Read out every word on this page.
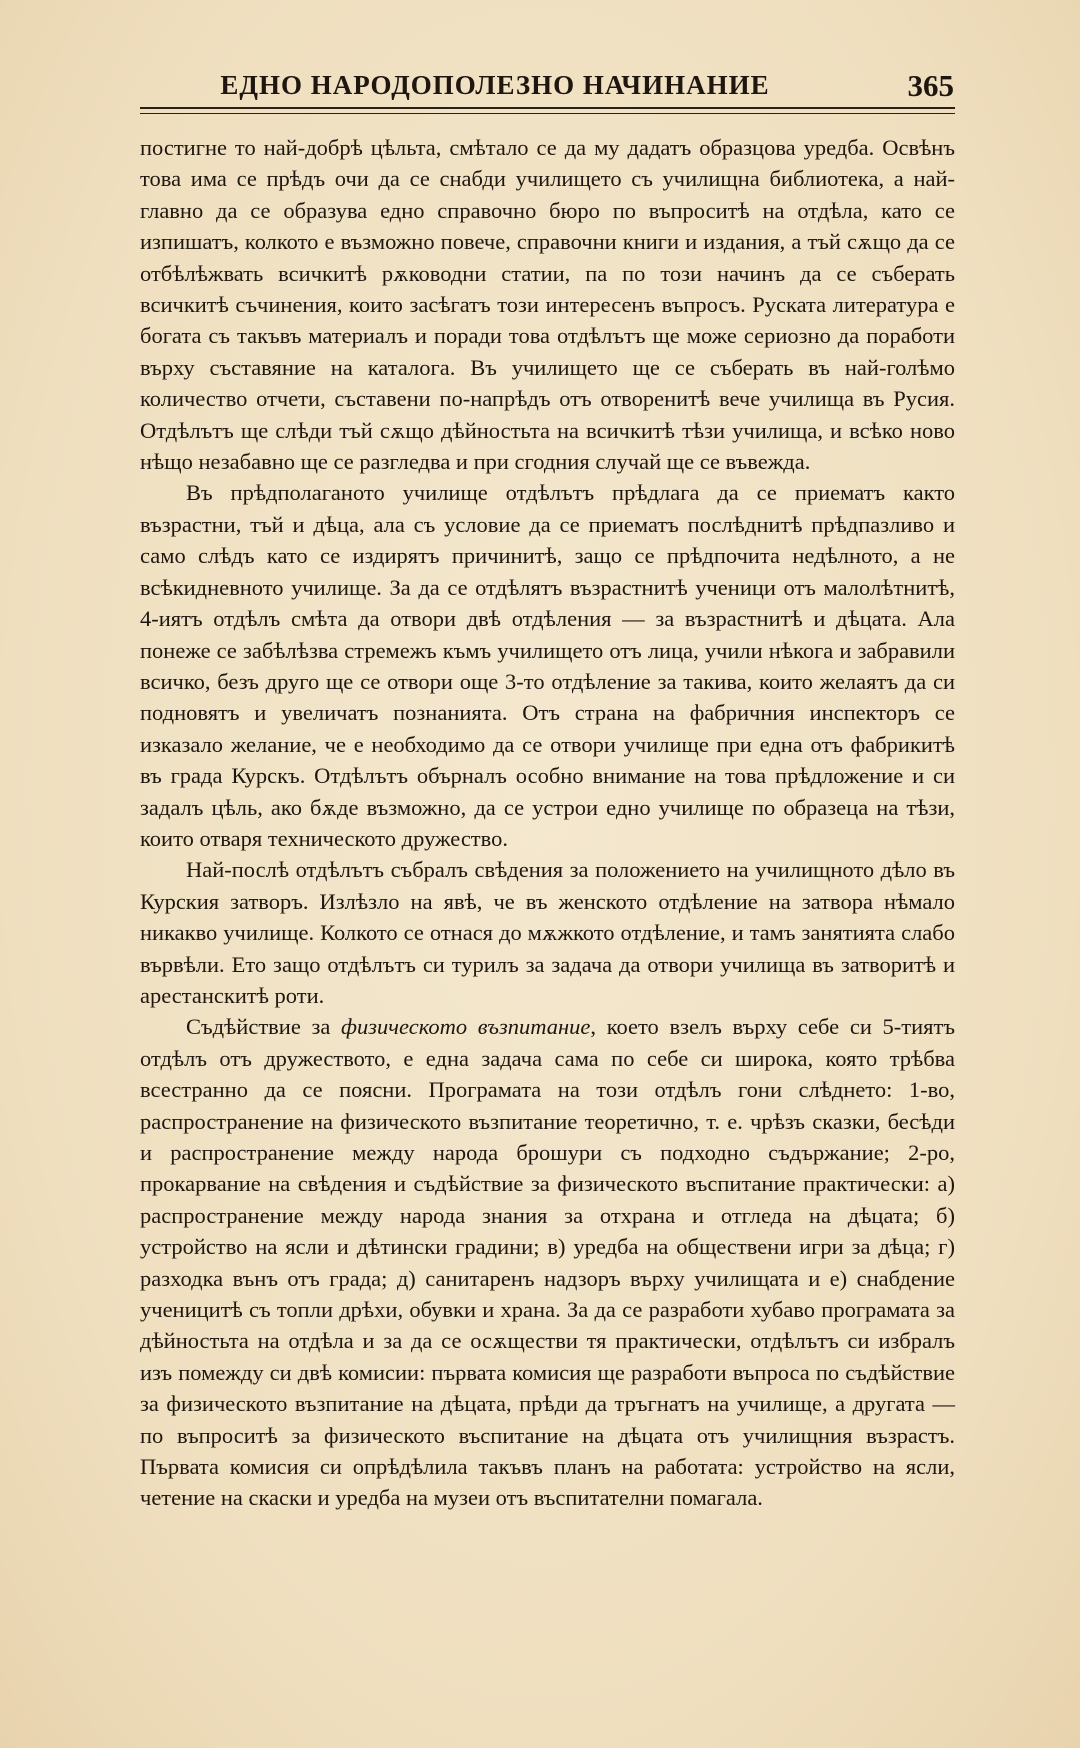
ЕДНО НАРОДОПОЛЕЗНО НАЧИНАНИЕ	365

постигне то най-добрѣ цѣльта, смѣтало се да му дадатъ образцова уредба. Освѣнъ това има се прѣдъ очи да се снабди училището съ училищна библиотека, а най-главно да се образува едно справочно бюро по въпроситѣ на отдѣла, като се изпишатъ, колкото е възможно повече, справочни книги и издания, а тъй сѫщо да се отбѣлѣжвать всичкитѣ рѫководни статии, па по този начинъ да се съберать всичкитѣ съчинения, които засѣгатъ този интересенъ въпросъ. Руската литература е богата съ такъвъ материалъ и поради това отдѣлътъ ще може сериозно да поработи върху съставяние на каталога. Въ училището ще се съберать въ най-голѣмо количество отчети, съставени по-напрѣдъ отъ отворенитѣ вече училища въ Русия. Отдѣлътъ ще слѣди тъй сѫщо дѣйностьта на всичкитѣ тѣзи училища, и всѣко ново нѣщо незабавно ще се разгледва и при сгодния случай ще се въвежда.

Въ прѣдполаганото училище отдѣлътъ прѣдлага да се приематъ както възрастни, тъй и дѣца, ала съ условие да се приематъ послѣднитѣ прѣдпазливо и само слѣдъ като се издирятъ причинитѣ, защо се прѣдпочита недѣлното, а не всѣкидневното училище. За да се отдѣлятъ възрастнитѣ ученици отъ малолѣтнитѣ, 4-иятъ отдѣлъ смѣта да отвори двѣ отдѣления — за възрастнитѣ и дѣцата. Ала понеже се забѣлѣзва стремежъ къмъ училището отъ лица, учили нѣкога и забравили всичко, безъ друго ще се отвори още 3-то отдѣление за такива, които желаятъ да си подновятъ и увеличатъ познанията. Отъ страна на фабричния инспекторъ се изказало желание, че е необходимо да се отвори училище при една отъ фабрикитѣ въ града Курскъ. Отдѣлътъ обърналъ особно внимание на това прѣдложение и си задалъ цѣль, ако бѫде възможно, да се устрои едно училище по образеца на тѣзи, които отваря техническото дружество.

Най-послѣ отдѣлътъ събралъ свѣдения за положението на училищното дѣло въ Курския затворъ. Излѣзло на явѣ, че въ женското отдѣление на затвора нѣмало никакво училище. Колкото се отнася до мѫжкото отдѣление, и тамъ занятията слабо вървѣли. Ето защо отдѣлътъ си турилъ за задача да отвори училища въ затворитѣ и арестанскитѣ роти.

Съдѣйствие за физическото възпитание, което взелъ върху себе си 5-тиятъ отдѣлъ отъ дружеството, е една задача сама по себе си широка, която трѣбва всестранно да се поясни. Програмата на този отдѣлъ гони слѣднето: 1-во, распространение на физическото възпитание теоретично, т. е. чрѣзъ сказки, бесѣди и распространение между народа брошури съ подходно съдържание; 2-ро, прокарвание на свѣдения и съдѣйствие за физическото въспитание практически: а) распространение между народа знания за отхрана и отгледа на дѣцата; б) устройство на ясли и дѣтински градини; в) уредба на обществени игри за дѣца; г) разходка вънъ отъ града; д) санитаренъ надзоръ върху училищата и е) снабдение ученицитѣ съ топли дрѣхи, обувки и храна. За да се разработи хубаво програмата за дѣйностьта на отдѣла и за да се осѫществи тя практически, отдѣлътъ си избралъ изъ помежду си двѣ комисии: първата комисия ще разработи въпроса по съдѣйствие за физическото възпитание на дѣцата, прѣди да тръгнатъ на училище, а другата — по въпроситѣ за физическото въспитание на дѣцата отъ училищния възрастъ. Първата комисия си опрѣдѣлила такъвъ планъ на работата: устройство на ясли, четение на скаски и уредба на музеи отъ въспитателни помагала.
